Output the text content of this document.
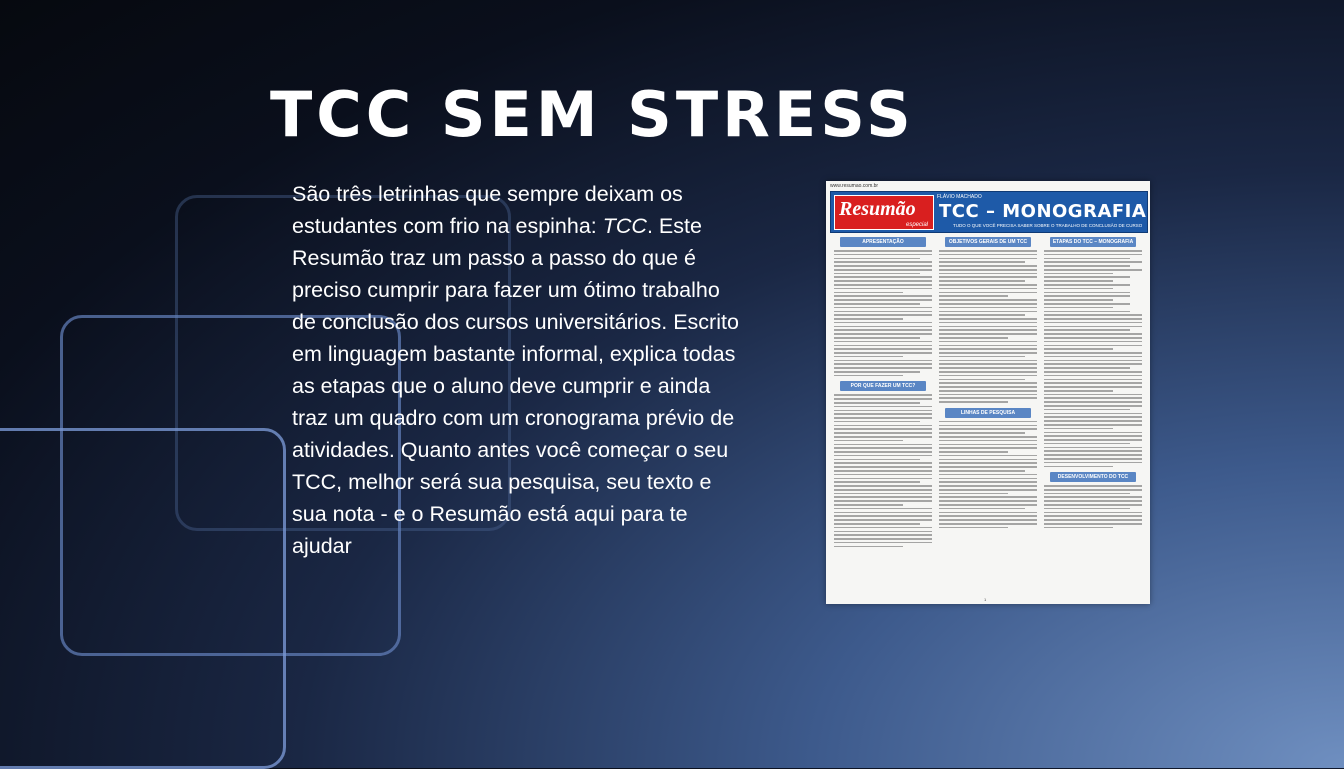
TCC SEM STRESS
São três letrinhas que sempre deixam os estudantes com frio na espinha: TCC. Este Resumão traz um passo a passo do que é preciso cumprir para fazer um ótimo trabalho de conclusão dos cursos universitários. Escrito em linguagem bastante informal, explica todas as etapas que o aluno deve cumprir e ainda traz um quadro com um cronograma prévio de atividades. Quanto antes você começar o seu TCC, melhor será sua pesquisa, seu texto e sua nota - e o Resumão está aqui para te ajudar
www.resumao.com.br
Resumão
especial
FLÁVIO MACHADO
TCC – MONOGRAFIA
TUDO O QUE VOCÊ PRECISA SABER SOBRE O TRABALHO DE CONCLUSÃO DE CURSO
APRESENTAÇÃO
POR QUE FAZER UM TCC?
OBJETIVOS GERAIS DE UM TCC
LINHAS DE PESQUISA
ETAPAS DO TCC – MONOGRAFIA
DESENVOLVIMENTO DO TCC
1
